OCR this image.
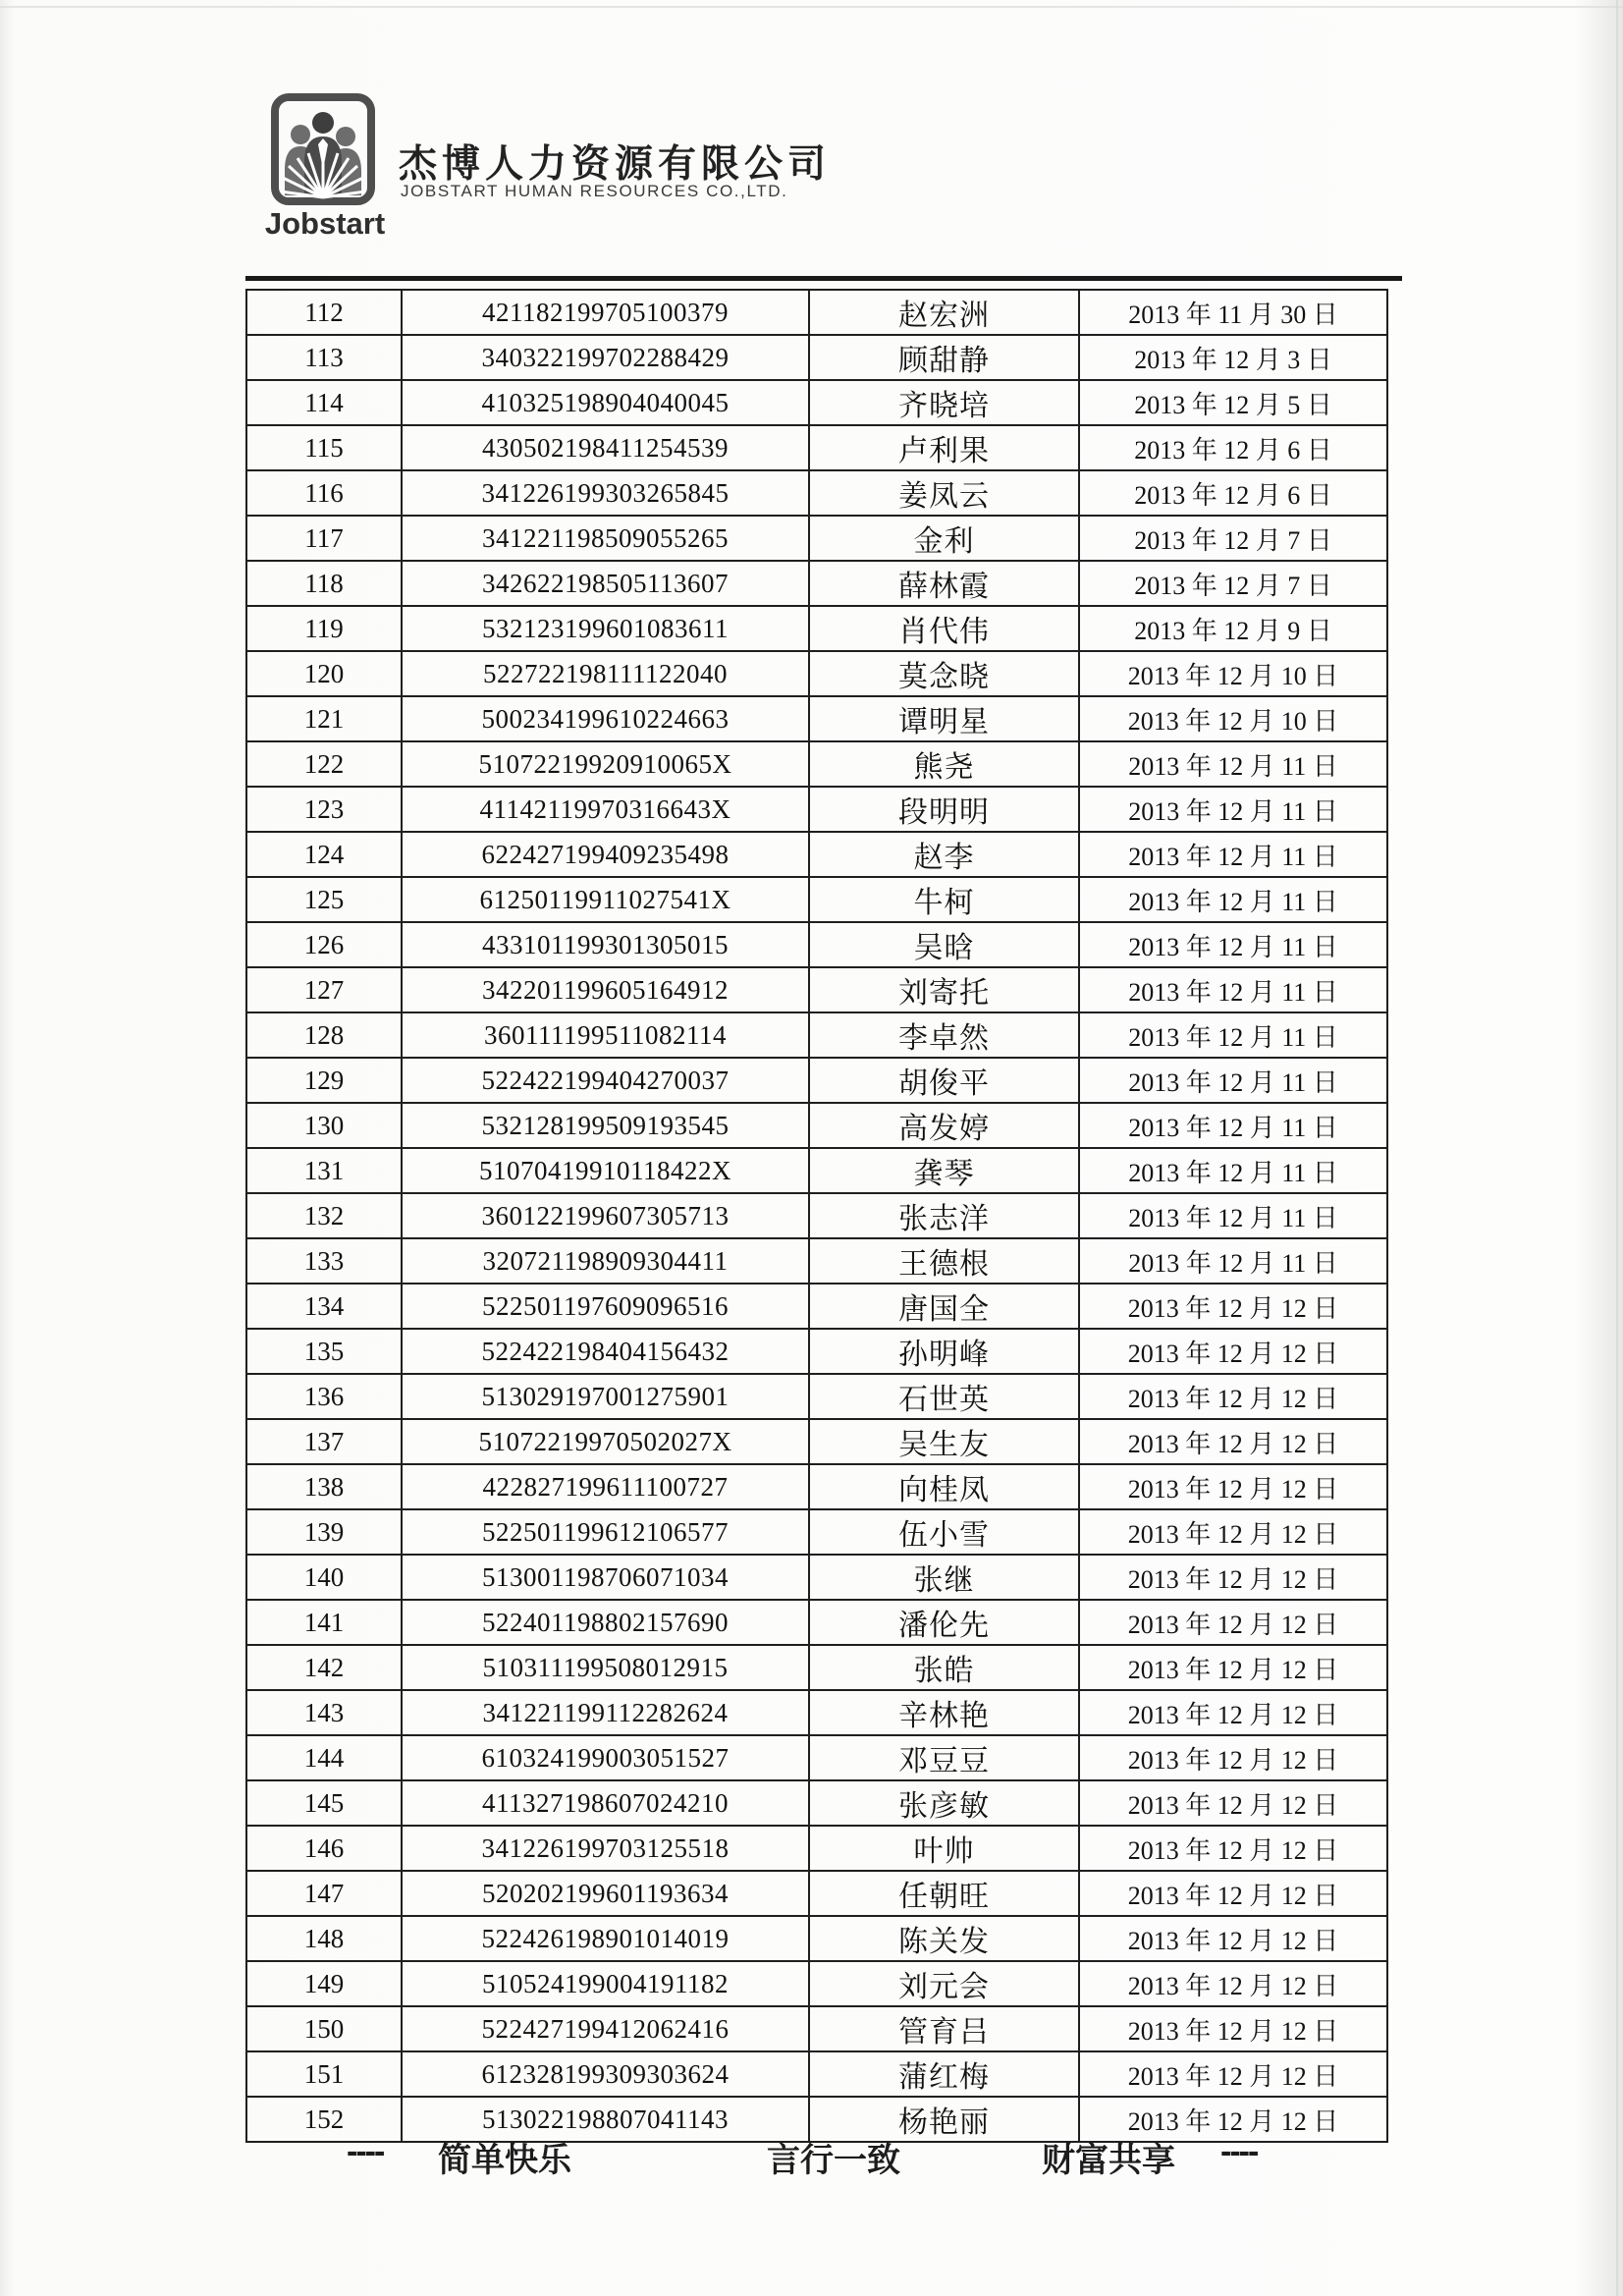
Jobstart
杰博人力资源有限公司
JOBSTART HUMAN RESOURCES CO.,LTD.
112	421182199705100379	赵宏洲	2013 年 11 月 30 日
113	340322199702288429	顾甜静	2013 年 12 月 3 日
114	410325198904040045	齐晓培	2013 年 12 月 5 日
115	430502198411254539	卢利果	2013 年 12 月 6 日
116	341226199303265845	姜凤云	2013 年 12 月 6 日
117	341221198509055265	金利	2013 年 12 月 7 日
118	342622198505113607	薛林霞	2013 年 12 月 7 日
119	532123199601083611	肖代伟	2013 年 12 月 9 日
120	522722198111122040	莫念晓	2013 年 12 月 10 日
121	500234199610224663	谭明星	2013 年 12 月 10 日
122	51072219920910065X	熊尧	2013 年 12 月 11 日
123	41142119970316643X	段明明	2013 年 12 月 11 日
124	622427199409235498	赵李	2013 年 12 月 11 日
125	61250119911027541X	牛柯	2013 年 12 月 11 日
126	433101199301305015	吴晗	2013 年 12 月 11 日
127	342201199605164912	刘寄托	2013 年 12 月 11 日
128	360111199511082114	李卓然	2013 年 12 月 11 日
129	522422199404270037	胡俊平	2013 年 12 月 11 日
130	532128199509193545	高发婷	2013 年 12 月 11 日
131	51070419910118422X	龚琴	2013 年 12 月 11 日
132	360122199607305713	张志洋	2013 年 12 月 11 日
133	320721198909304411	王德根	2013 年 12 月 11 日
134	522501197609096516	唐国全	2013 年 12 月 12 日
135	522422198404156432	孙明峰	2013 年 12 月 12 日
136	513029197001275901	石世英	2013 年 12 月 12 日
137	51072219970502027X	吴生友	2013 年 12 月 12 日
138	422827199611100727	向桂凤	2013 年 12 月 12 日
139	522501199612106577	伍小雪	2013 年 12 月 12 日
140	513001198706071034	张继	2013 年 12 月 12 日
141	522401198802157690	潘伦先	2013 年 12 月 12 日
142	510311199508012915	张皓	2013 年 12 月 12 日
143	341221199112282624	辛林艳	2013 年 12 月 12 日
144	610324199003051527	邓豆豆	2013 年 12 月 12 日
145	411327198607024210	张彦敏	2013 年 12 月 12 日
146	341226199703125518	叶帅	2013 年 12 月 12 日
147	520202199601193634	任朝旺	2013 年 12 月 12 日
148	522426198901014019	陈关发	2013 年 12 月 12 日
149	510524199004191182	刘元会	2013 年 12 月 12 日
150	522427199412062416	管育吕	2013 年 12 月 12 日
151	612328199309303624	蒲红梅	2013 年 12 月 12 日
152	513022198807041143	杨艳丽	2013 年 12 月 12 日
---- 简单快乐	言行一致	财富共享 ----
